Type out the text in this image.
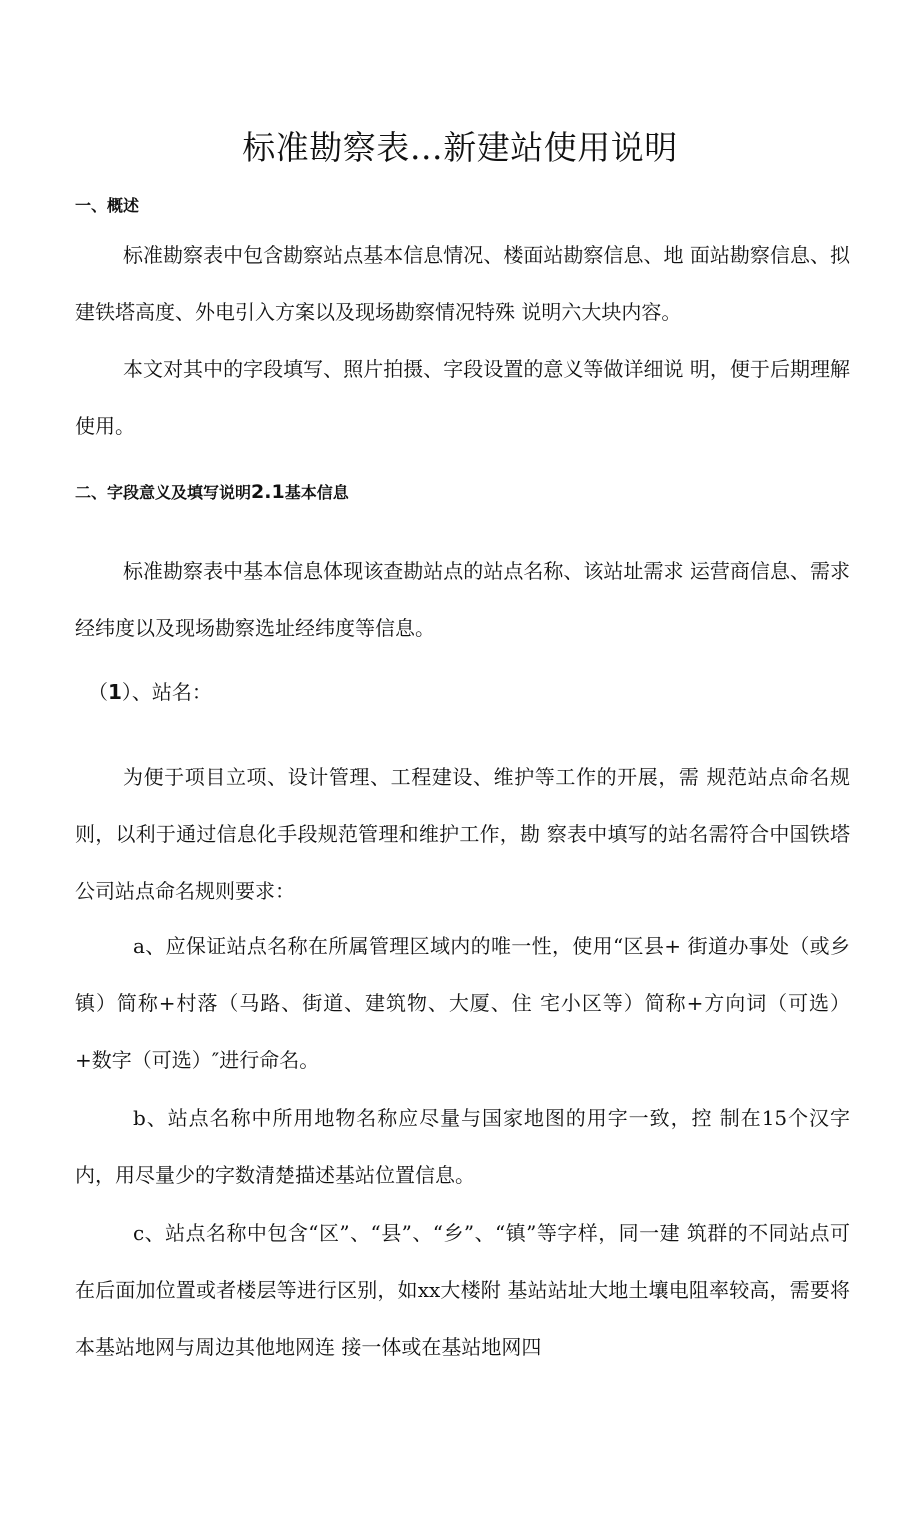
标准勘察表…新建站使用说明
一、概述

标准勘察表中包含勘察站点基本信息情况、楼面站勘察信息、地 面站勘察信息、拟建铁塔高度、外电引入方案以及现场勘察情况特殊 说明六大块内容。

本文对其中的字段填写、照片拍摄、字段设置的意义等做详细说 明，便于后期理解使用。

二、字段意义及填写说明2.1基本信息

标准勘察表中基本信息体现该查勘站点的站点名称、该站址需求 运营商信息、需求经纬度以及现场勘察选址经纬度等信息。

（1）、站名：

为便于项目立项、设计管理、工程建设、维护等工作的开展，需 规范站点命名规则，以利于通过信息化手段规范管理和维护工作，勘 察表中填写的站名需符合中国铁塔公司站点命名规则要求：

a、应保证站点名称在所属管理区域内的唯一性，使用“区县+ 街道办事处（或乡镇）简称+村落（马路、街道、建筑物、大厦、住 宅小区等）简称+方向词（可选）+数字（可选）″进行命名。

b、站点名称中所用地物名称应尽量与国家地图的用字一致，控 制在15个汉字内，用尽量少的字数清楚描述基站位置信息。

c、站点名称中包含“区”、“县”、“乡”、“镇”等字样，同一建 筑群的不同站点可在后面加位置或者楼层等进行区别，如xx大楼附 基站站址大地土壤电阻率较高，需要将本基站地网与周边其他地网连 接一体或在基站地网四
